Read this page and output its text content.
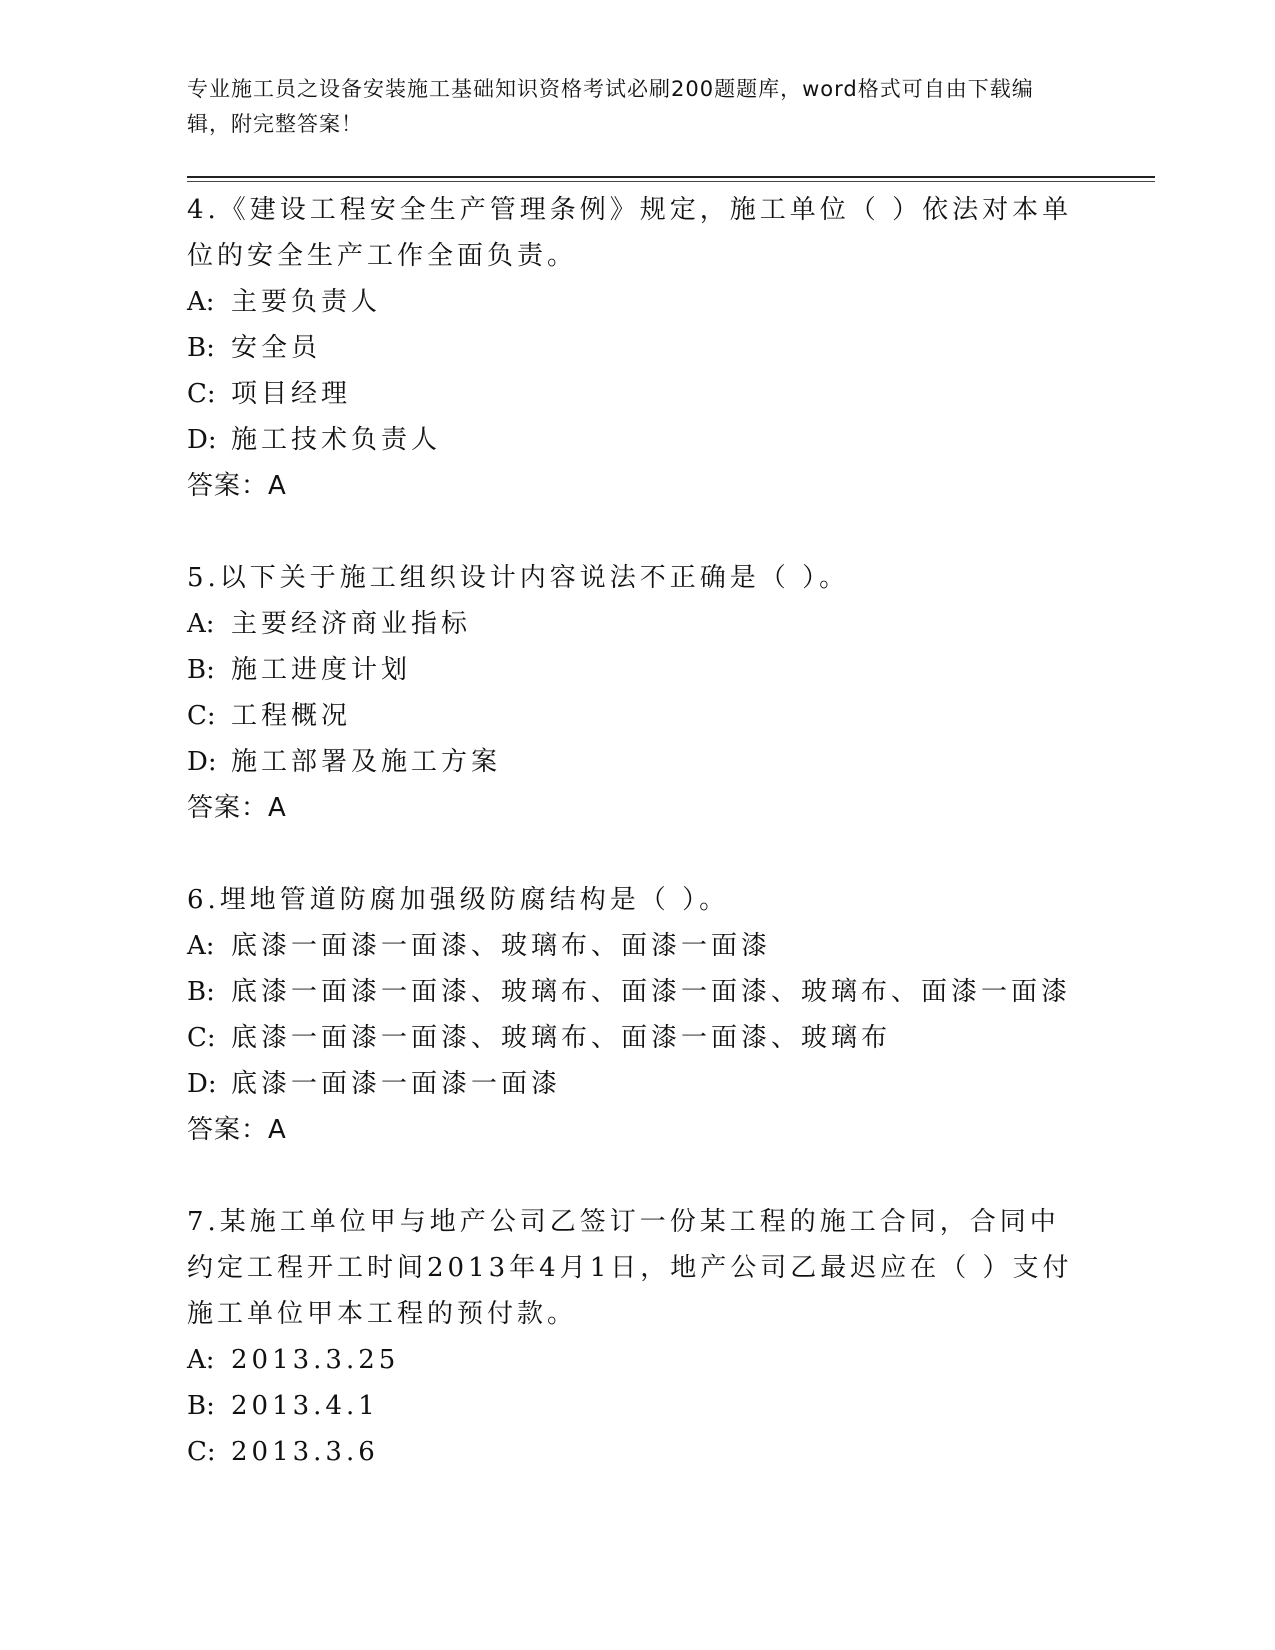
专业施工员之设备安装施工基础知识资格考试必刷200题题库，word格式可自由下载编辑，附完整答案！

4.《建设工程安全生产管理条例》规定，施工单位（ ）依法对本单位的安全生产工作全面负责。

A: 主要负责人
B: 安全员
C: 项目经理
D: 施工技术负责人
答案：A

5.以下关于施工组织设计内容说法不正确是（ ）。

A: 主要经济商业指标
B: 施工进度计划
C: 工程概况
D: 施工部署及施工方案
答案：A

6.埋地管道防腐加强级防腐结构是（ ）。

A: 底漆一面漆一面漆、玻璃布、面漆一面漆
B: 底漆一面漆一面漆、玻璃布、面漆一面漆、玻璃布、面漆一面漆
C: 底漆一面漆一面漆、玻璃布、面漆一面漆、玻璃布
D: 底漆一面漆一面漆一面漆
答案：A

7.某施工单位甲与地产公司乙签订一份某工程的施工合同，合同中约定工程开工时间2013年4月1日，地产公司乙最迟应在（ ）支付施工单位甲本工程的预付款。

A: 2013.3.25
B: 2013.4.1
C: 2013.3.6
